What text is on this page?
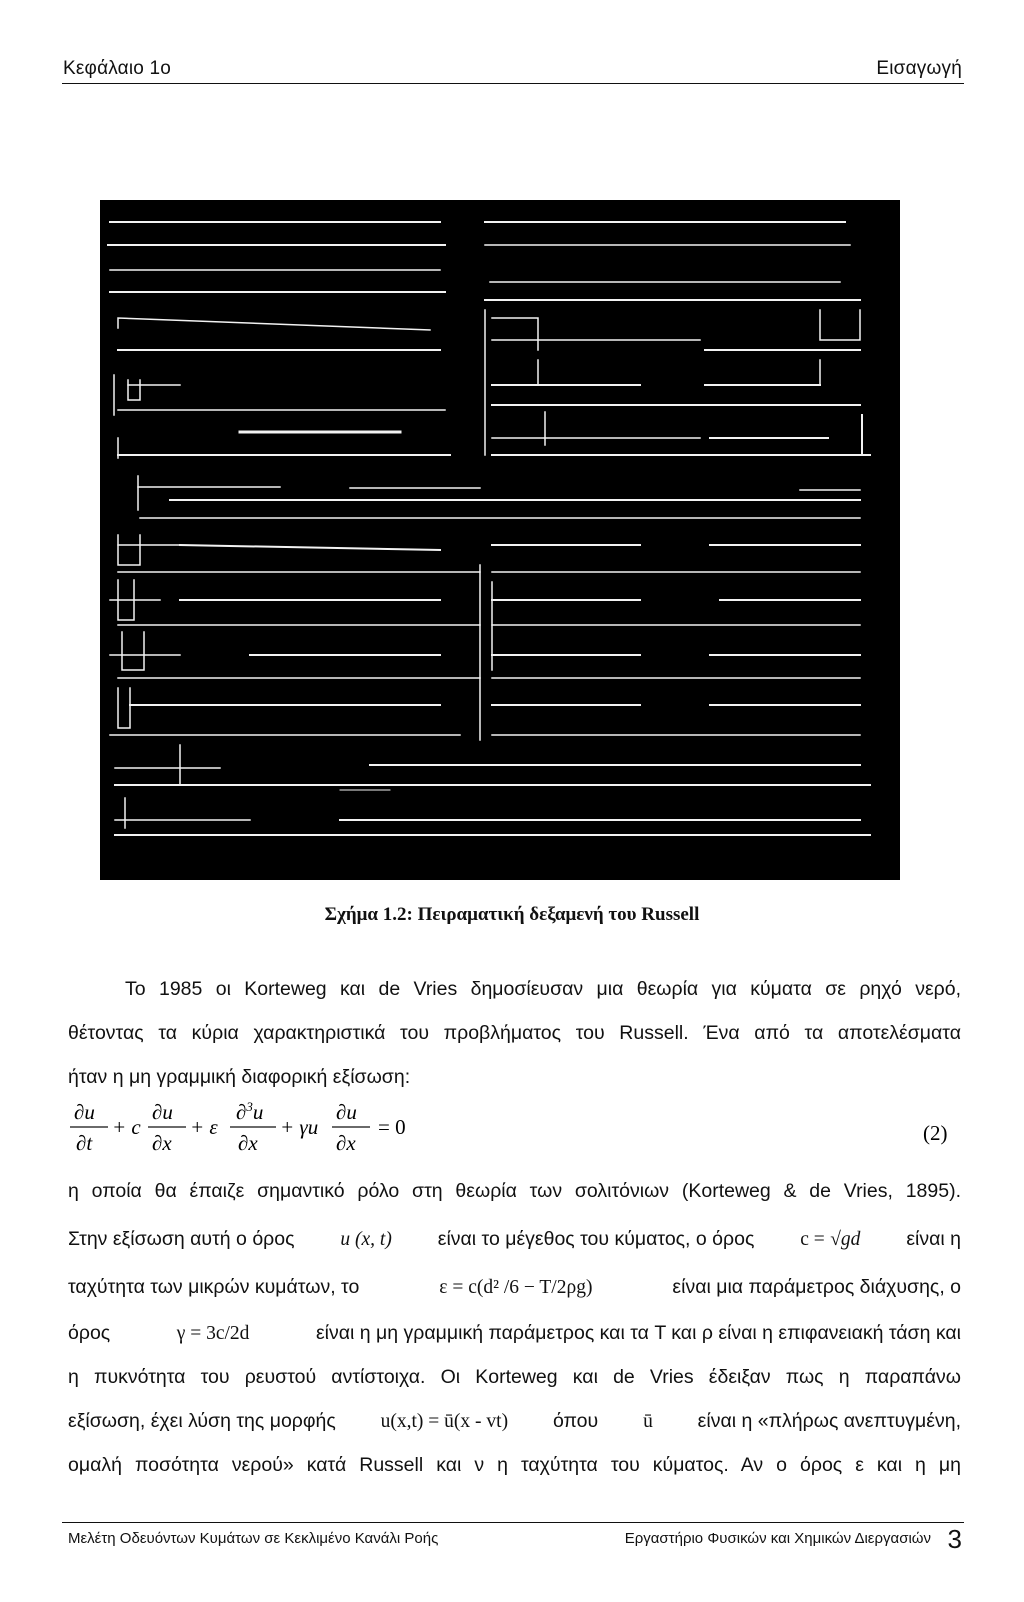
Κεφάλαιο 1ο	Εισαγωγή
Σχήμα 1.2: Πειραματική δεξαμενή του Russell
Το 1985 οι Korteweg και de Vries δημοσίευσαν μια θεωρία για κύματα σε ρηχό νερό,
θέτοντας τα κύρια χαρακτηριστικά του προβλήματος του Russell. Ένα από τα αποτελέσματα
ήταν η μη γραμμική διαφορική εξίσωση:
∂u
∂t
+ c
∂u
∂x
+ ε
∂$^3$u
∂x
+ γu
∂u
∂x
= 0	(2)
η οποία θα έπαιζε σημαντικό ρόλο στη θεωρία των σολιτόνιων (Korteweg & de Vries, 1895).
Στην εξίσωση αυτή ο όρος u (x, t) είναι το μέγεθος του κύματος, ο όρος c = √gd είναι η
ταχύτητα των μικρών κυμάτων, το	ε = c(d² /6 − T/2ρg)	είναι μια παράμετρος διάχυσης, ο
όρος	γ = 3c/2d	είναι η μη γραμμική παράμετρος και τα T και ρ είναι η επιφανειακή τάση και
η πυκνότητα του ρευστού αντίστοιχα. Οι Korteweg και de Vries έδειξαν πως η παραπάνω
εξίσωση, έχει λύση της μορφής u(x,t) = ū(x - vt) όπου ū είναι η «πλήρως ανεπτυγμένη,
ομαλή ποσότητα νερού» κατά Russell και ν η ταχύτητα του κύματος. Αν ο όρος ε και η μη
Μελέτη Οδευόντων Κυμάτων σε Κεκλιμένο Κανάλι Ροής	Εργαστήριο Φυσικών και Χημικών Διεργασιών 3
